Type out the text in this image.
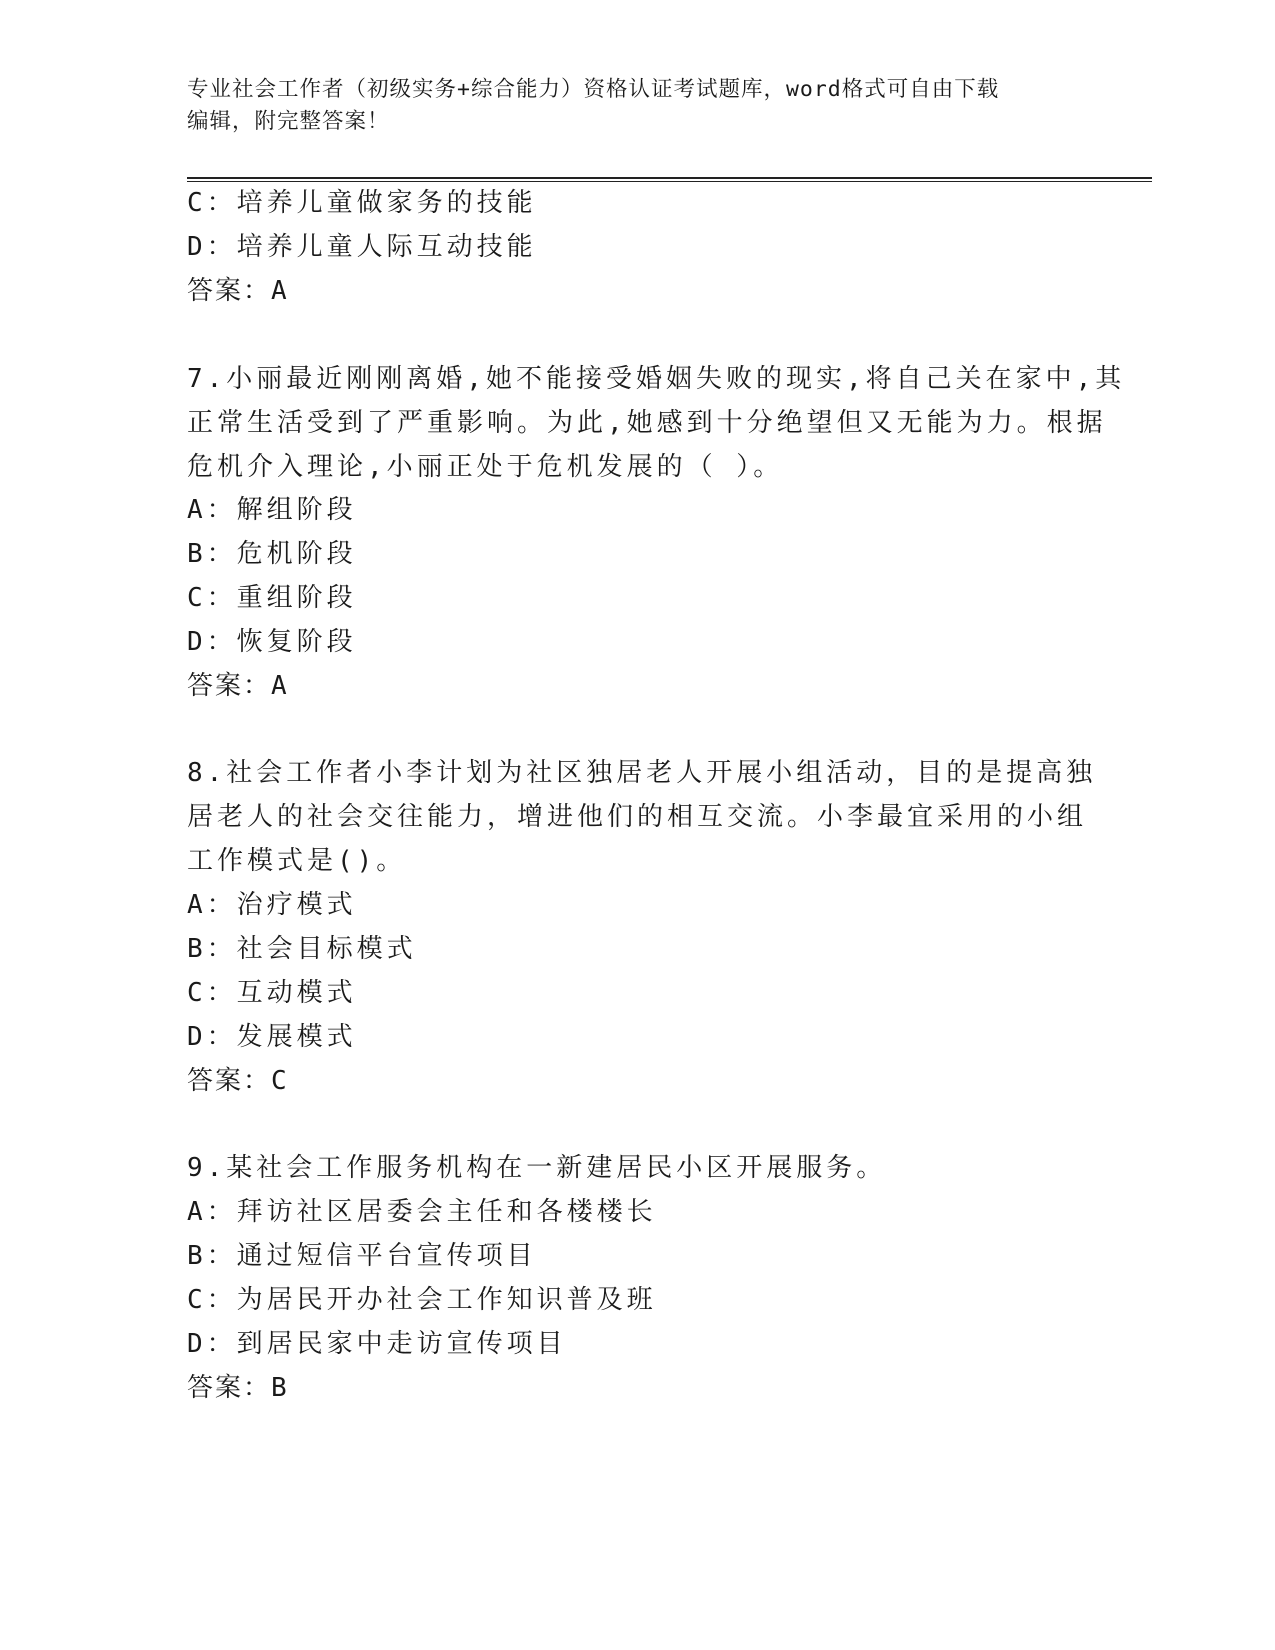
专业社会工作者（初级实务+综合能力）资格认证考试题库，word格式可自由下载
编辑，附完整答案！
C：培养儿童做家务的技能
D：培养儿童人际互动技能
答案：A
7.小丽最近刚刚离婚,她不能接受婚姻失败的现实,将自己关在家中,其
正常生活受到了严重影响。为此,她感到十分绝望但又无能为力。根据
危机介入理论,小丽正处于危机发展的（ ）。
A：解组阶段
B：危机阶段
C：重组阶段
D：恢复阶段
答案：A
8.社会工作者小李计划为社区独居老人开展小组活动，目的是提高独
居老人的社会交往能力，增进他们的相互交流。小李最宜采用的小组
工作模式是()。
A：治疗模式
B：社会目标模式
C：互动模式
D：发展模式
答案：C
9.某社会工作服务机构在一新建居民小区开展服务。
A：拜访社区居委会主任和各楼楼长
B：通过短信平台宣传项目
C：为居民开办社会工作知识普及班
D：到居民家中走访宣传项目
答案：B
